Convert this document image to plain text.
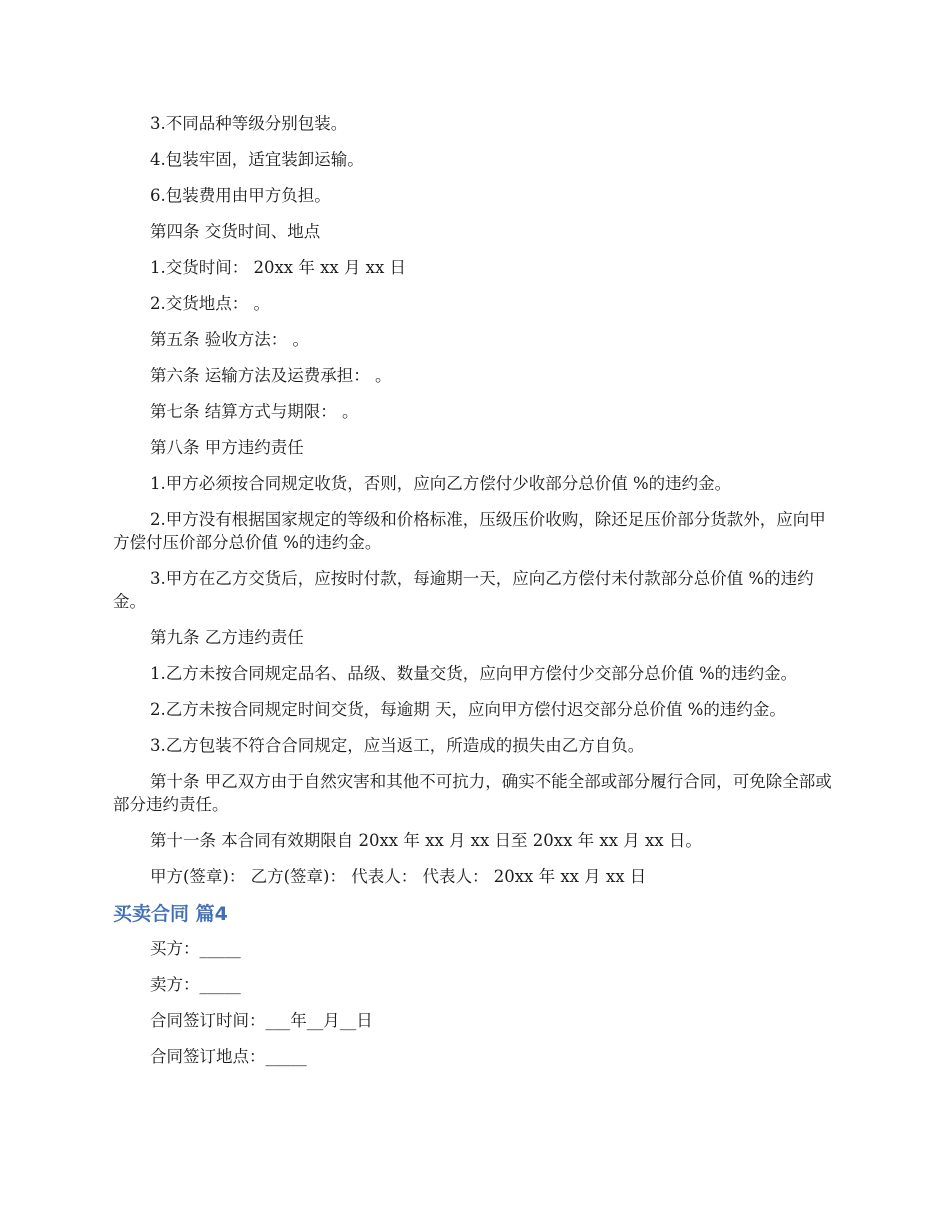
3.不同品种等级分别包装。

4.包装牢固，适宜装卸运输。

6.包装费用由甲方负担。

第四条 交货时间、地点

1.交货时间： 20xx 年 xx 月 xx 日

2.交货地点： 。

第五条 验收方法： 。

第六条 运输方法及运费承担： 。

第七条 结算方式与期限： 。

第八条 甲方违约责任

1.甲方必须按合同规定收货，否则，应向乙方偿付少收部分总价值 %的违约金。

2.甲方没有根据国家规定的等级和价格标准，压级压价收购，除还足压价部分货款外，应向甲方偿付压价部分总价值 %的违约金。

3.甲方在乙方交货后，应按时付款，每逾期一天，应向乙方偿付未付款部分总价值 %的违约金。

第九条 乙方违约责任

1.乙方未按合同规定品名、品级、数量交货，应向甲方偿付少交部分总价值 %的违约金。

2.乙方未按合同规定时间交货，每逾期 天，应向甲方偿付迟交部分总价值 %的违约金。

3.乙方包装不符合合同规定，应当返工，所造成的损失由乙方自负。

第十条 甲乙双方由于自然灾害和其他不可抗力，确实不能全部或部分履行合同，可免除全部或部分违约责任。

第十一条 本合同有效期限自 20xx 年 xx 月 xx 日至 20xx 年 xx 月 xx 日。

甲方(签章)： 乙方(签章)： 代表人： 代表人： 20xx 年 xx 月 xx 日

买卖合同 篇4

买方：_____

卖方：_____

合同签订时间：___年__月__日

合同签订地点：_____
